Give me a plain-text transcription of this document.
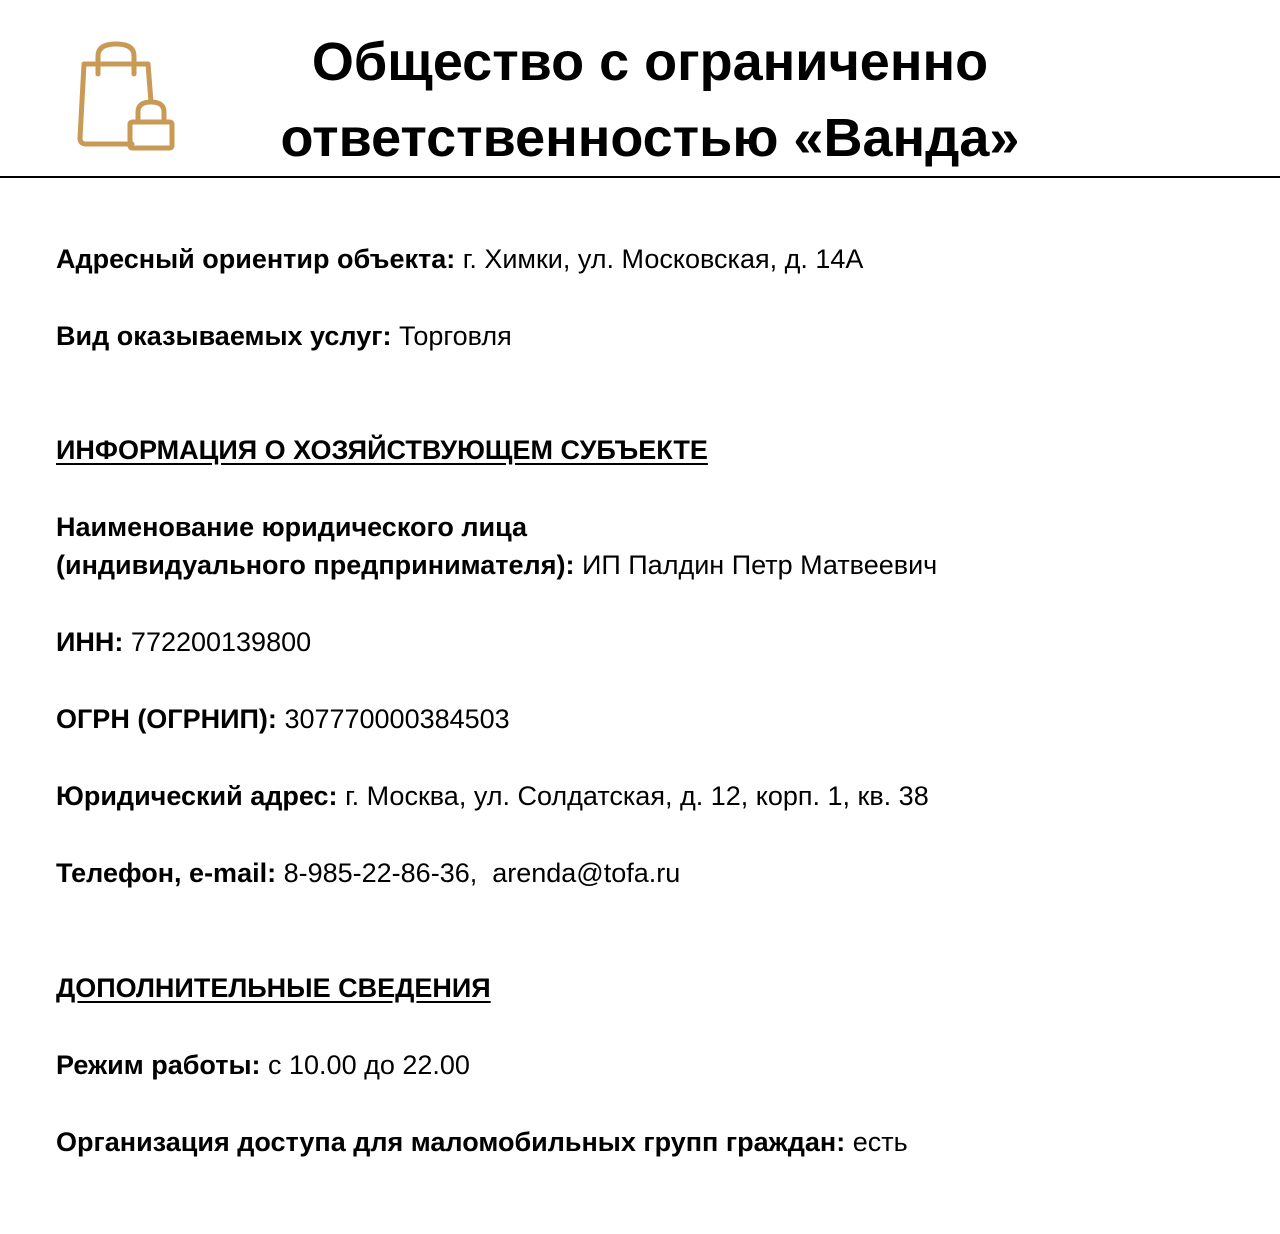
Общество с ограниченно
ответственностью «Ванда»
Адресный ориентир объекта: г. Химки, ул. Московская, д. 14А
Вид оказываемых услуг: Торговля
ИНФОРМАЦИЯ О ХОЗЯЙСТВУЮЩЕМ СУБЪЕКТЕ
Наименование юридического лица
(индивидуального предпринимателя): ИП Палдин Петр Матвеевич
ИНН: 772200139800
ОГРН (ОГРНИП): 307770000384503
Юридический адрес: г. Москва, ул. Солдатская, д. 12, корп. 1, кв. 38
Телефон, e-mail: 8-985-22-86-36,  arenda@tofa.ru
ДОПОЛНИТЕЛЬНЫЕ СВЕДЕНИЯ
Режим работы: с 10.00 до 22.00
Организация доступа для маломобильных групп граждан: есть
